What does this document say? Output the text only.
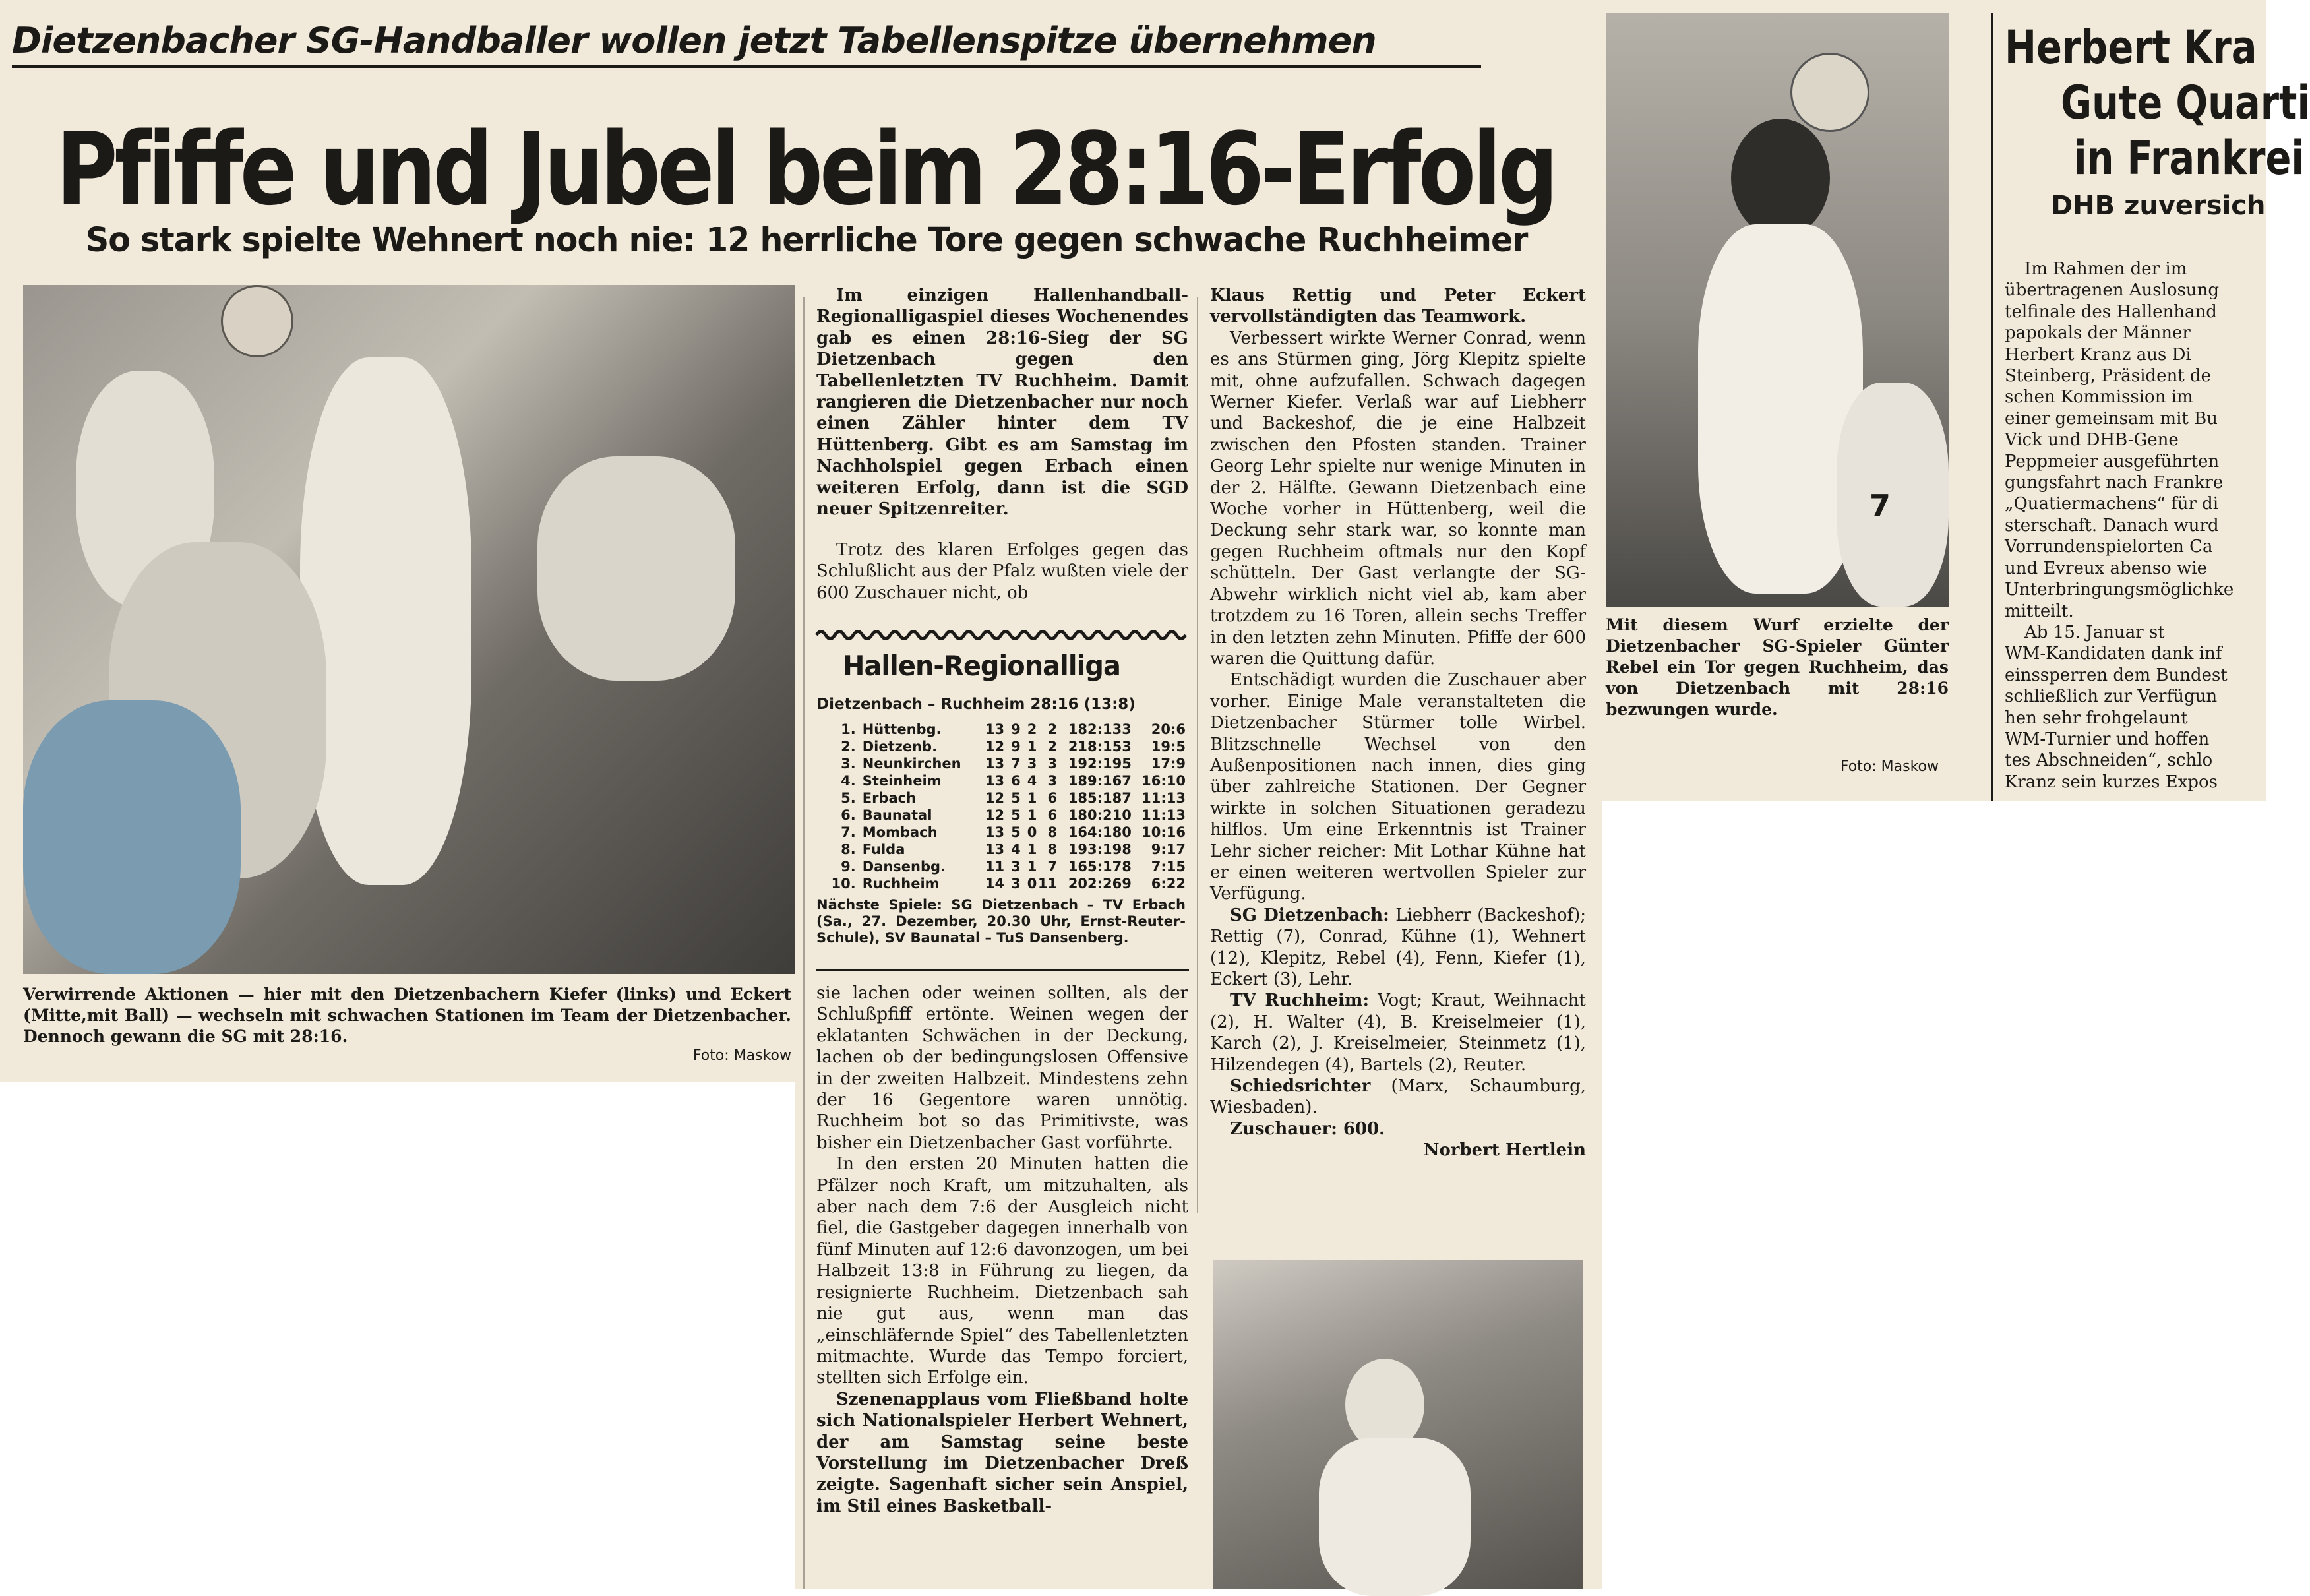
Dietzenbacher SG-Handballer wollen jetzt Tabellenspitze übernehmen
Pfiffe und Jubel beim 28:16-Erfolg
So stark spielte Wehnert noch nie: 12 herrliche Tore gegen schwache Ruchheimer
Verwirrende Aktionen — hier mit den Dietzenbachern Kiefer (links) und Eckert (Mitte,mit Ball) — wechseln mit schwachen Stationen im Team der Dietzenbacher. Dennoch gewann die SG mit 28:16.
Foto: Maskow

Im einzigen Hallenhandball-Regionalligaspiel dieses Wochenendes gab es einen 28:16-Sieg der SG Dietzenbach gegen den Tabellenletzten TV Ruchheim. Damit rangieren die Dietzenbacher nur noch einen Zähler hinter dem TV Hüttenberg. Gibt es am Samstag im Nachholspiel gegen Erbach einen weiteren Erfolg, dann ist die SGD neuer Spitzenreiter.

Trotz des klaren Erfolges gegen das Schlußlicht aus der Pfalz wußten viele der 600 Zuschauer nicht, ob

Hallen-Regionalliga
Dietzenbach – Ruchheim 28:16 (13:8)
1.	Hüttenbg.	13	9	2	2	182:133	20:6
2.	Dietzenb.	12	9	1	2	218:153	19:5
3.	Neunkirchen	13	7	3	3	192:195	17:9
4.	Steinheim	13	6	4	3	189:167	16:10
5.	Erbach	12	5	1	6	185:187	11:13
6.	Baunatal	12	5	1	6	180:210	11:13
7.	Mombach	13	5	0	8	164:180	10:16
8.	Fulda	13	4	1	8	193:198	9:17
9.	Dansenbg.	11	3	1	7	165:178	7:15
10.	Ruchheim	14	3	0	11	202:269	6:22
Nächste Spiele: SG Dietzenbach – TV Erbach (Sa., 27. Dezember, 20.30 Uhr, Ernst-Reuter-Schule), SV Baunatal – TuS Dansenberg.

sie lachen oder weinen sollten, als der Schlußpfiff ertönte. Weinen wegen der eklatanten Schwächen in der Deckung, lachen ob der bedingungslosen Offensive in der zweiten Halbzeit. Mindestens zehn der 16 Gegentore waren unnötig. Ruchheim bot so das Primitivste, was bisher ein Dietzenbacher Gast vorführte.

In den ersten 20 Minuten hatten die Pfälzer noch Kraft, um mitzuhalten, als aber nach dem 7:6 der Ausgleich nicht fiel, die Gastgeber dagegen innerhalb von fünf Minuten auf 12:6 davonzogen, um bei Halbzeit 13:8 in Führung zu liegen, da resignierte Ruchheim. Dietzenbach sah nie gut aus, wenn man das „einschläfernde Spiel“ des Tabellenletzten mitmachte. Wurde das Tempo forciert, stellten sich Erfolge ein.

Szenenapplaus vom Fließband holte sich Nationalspieler Herbert Wehnert, der am Samstag seine beste Vorstellung im Dietzenbacher Dreß zeigte. Sagenhaft sicher sein Anspiel, im Stil eines Basketball-

Klaus Rettig und Peter Eckert vervollständigten das Teamwork.

Verbessert wirkte Werner Conrad, wenn es ans Stürmen ging, Jörg Klepitz spielte mit, ohne aufzufallen. Schwach dagegen Werner Kiefer. Verlaß war auf Liebherr und Backeshof, die je eine Halbzeit zwischen den Pfosten standen. Trainer Georg Lehr spielte nur wenige Minuten in der 2. Hälfte. Gewann Dietzenbach eine Woche vorher in Hüttenberg, weil die Deckung sehr stark war, so konnte man gegen Ruchheim oftmals nur den Kopf schütteln. Der Gast verlangte der SG-Abwehr wirklich nicht viel ab, kam aber trotzdem zu 16 Toren, allein sechs Treffer in den letzten zehn Minuten. Pfiffe der 600 waren die Quittung dafür.

Entschädigt wurden die Zuschauer aber vorher. Einige Male veranstalteten die Dietzenbacher Stürmer tolle Wirbel. Blitzschnelle Wechsel von den Außenpositionen nach innen, dies ging über zahlreiche Stationen. Der Gegner wirkte in solchen Situationen geradezu hilflos. Um eine Erkenntnis ist Trainer Lehr sicher reicher: Mit Lothar Kühne hat er einen weiteren wertvollen Spieler zur Verfügung.

SG Dietzenbach: Liebherr (Backeshof); Rettig (7), Conrad, Kühne (1), Wehnert (12), Klepitz, Rebel (4), Fenn, Kiefer (1), Eckert (3), Lehr.

TV Ruchheim: Vogt; Kraut, Weihnacht (2), H. Walter (4), B. Kreiselmeier (1), Karch (2), J. Kreiselmeier, Steinmetz (1), Hilzendegen (4), Bartels (2), Reuter.

Schiedsrichter (Marx, Schaumburg, Wiesbaden).

Zuschauer: 600.

Norbert Hertlein

7
Mit diesem Wurf erzielte der Dietzenbacher SG-Spieler Günter Rebel ein Tor gegen Ruchheim, das von Dietzenbach mit 28:16 bezwungen wurde.
Foto: Maskow
Herbert Kra
Gute Quarti
in Frankrei
DHB zuversich
Im Rahmen der im
übertragenen Auslosung
telfinale des Hallenhand
papokals der Männer
Herbert Kranz aus Di
Steinberg, Präsident de
schen Kommission im
einer gemeinsam mit Bu
Vick und DHB-Gene
Peppmeier ausgeführten
gungsfahrt nach Frankre
„Quatiermachens“ für di
sterschaft. Danach wurd
Vorrundenspielorten Ca
und Evreux abenso wie
Unterbringungsmöglichke
mitteilt.
Ab 15. Januar st
WM-Kandidaten dank inf
einssperren dem Bundest
schließlich zur Verfügun
hen sehr frohgelaunt
WM-Turnier und hoffen
tes Abschneiden“, schlo
Kranz sein kurzes Expos
